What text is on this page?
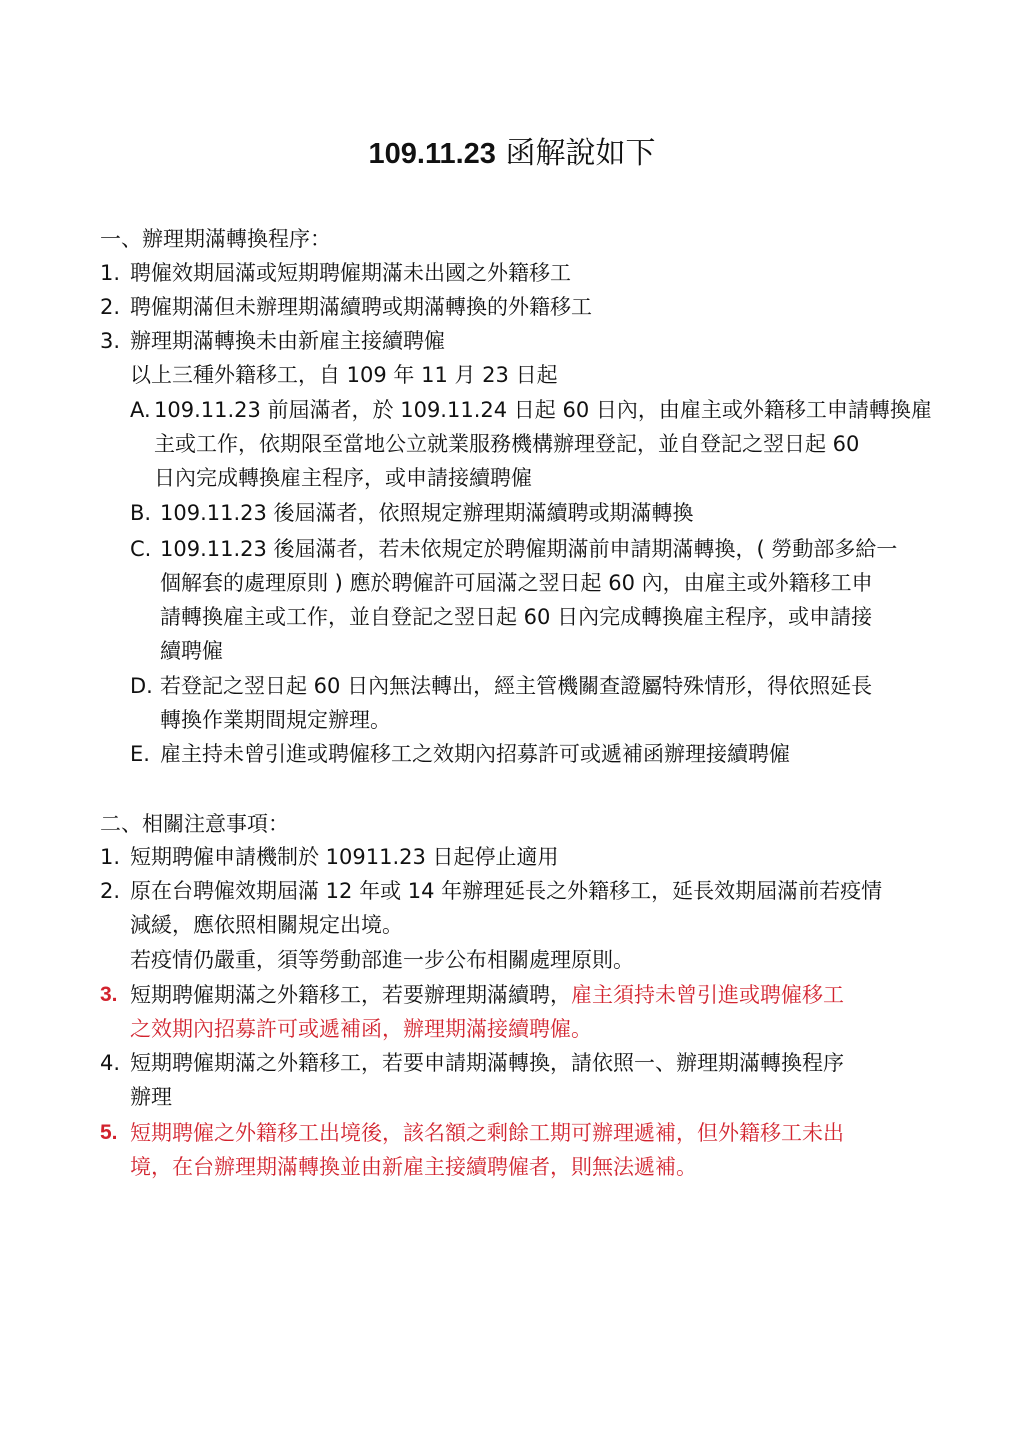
109.11.23 函解說如下
一、辦理期滿轉換程序：
1. 聘僱效期屆滿或短期聘僱期滿未出國之外籍移工
2. 聘僱期滿但未辦理期滿續聘或期滿轉換的外籍移工
3. 辦理期滿轉換未由新雇主接續聘僱
以上三種外籍移工，自 109 年 11 月 23 日起
A. 109.11.23 前屆滿者，於 109.11.24 日起 60 日內，由雇主或外籍移工申請轉換雇
主或工作，依期限至當地公立就業服務機構辦理登記，並自登記之翌日起 60
日內完成轉換雇主程序，或申請接續聘僱
B. 109.11.23 後屆滿者，依照規定辦理期滿續聘或期滿轉換
C. 109.11.23 後屆滿者，若未依規定於聘僱期滿前申請期滿轉換，( 勞動部多給一
個解套的處理原則 ) 應於聘僱許可屆滿之翌日起 60 內，由雇主或外籍移工申
請轉換雇主或工作，並自登記之翌日起 60 日內完成轉換雇主程序，或申請接
續聘僱
D. 若登記之翌日起 60 日內無法轉出，經主管機關查證屬特殊情形，得依照延長
轉換作業期間規定辦理。
E. 雇主持未曾引進或聘僱移工之效期內招募許可或遞補函辦理接續聘僱
二、相關注意事項：
1. 短期聘僱申請機制於 10911.23 日起停止適用
2. 原在台聘僱效期屆滿 12 年或 14 年辦理延長之外籍移工，延長效期屆滿前若疫情
減緩，應依照相關規定出境。
若疫情仍嚴重，須等勞動部進一步公布相關處理原則。
3. 短期聘僱期滿之外籍移工，若要辦理期滿續聘，雇主須持未曾引進或聘僱移工
之效期內招募許可或遞補函，辦理期滿接續聘僱。
4. 短期聘僱期滿之外籍移工，若要申請期滿轉換，請依照一、辦理期滿轉換程序
辦理
5. 短期聘僱之外籍移工出境後，該名額之剩餘工期可辦理遞補，但外籍移工未出
境，在台辦理期滿轉換並由新雇主接續聘僱者，則無法遞補。
